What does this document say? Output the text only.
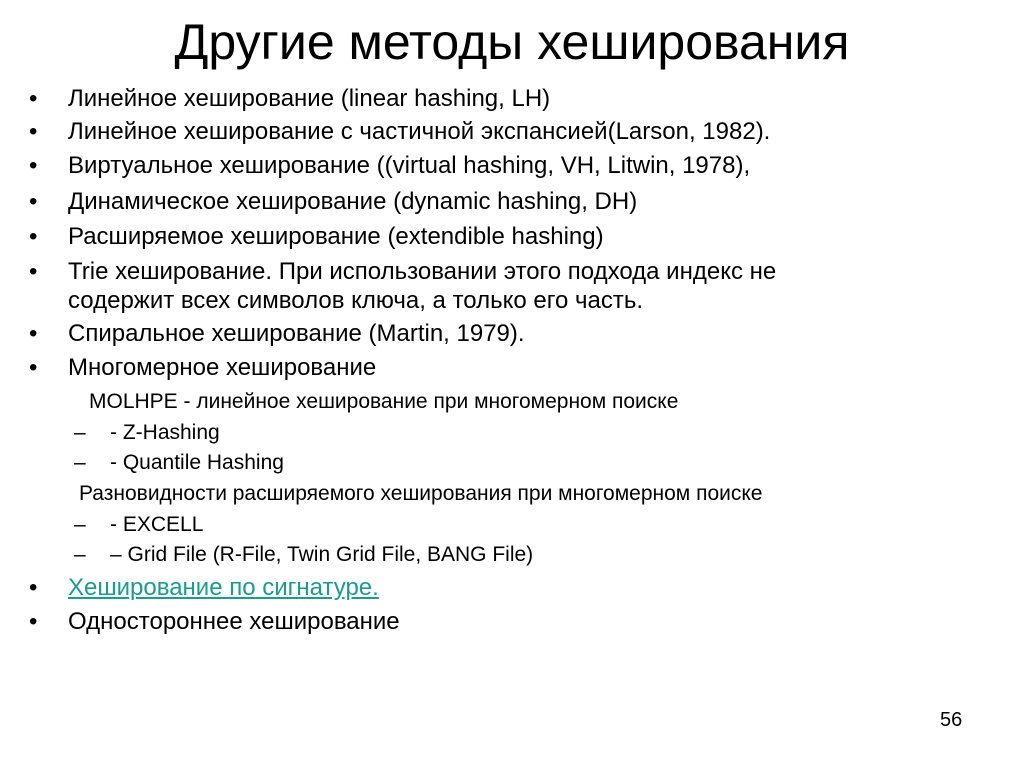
Другие методы хеширования
• Линейное хеширование (linear hashing, LH)
• Линейное хеширование с частичной экспансией(Larson, 1982).
• Виртуальное хеширование ((virtual hashing, VH, Litwin, 1978),
• Динамическое хеширование (dynamic hashing, DH)
• Расширяемое хеширование (extendible hashing)
• Trie хеширование. При использовании этого подхода индекс не
содержит всех символов ключа, а только его часть.
• Спиральное хеширование (Martin, 1979).
• Многомерное хеширование
MOLHPE - линейное хеширование при многомерном поиске
– - Z-Hashing
– - Quantile Hashing
Разновидности расширяемого хеширования при многомерном поиске
– - EXCELL
– – Grid File (R-File, Twin Grid File, BANG File)
• Хеширование по сигнатуре.
• Одностороннее хеширование
56
